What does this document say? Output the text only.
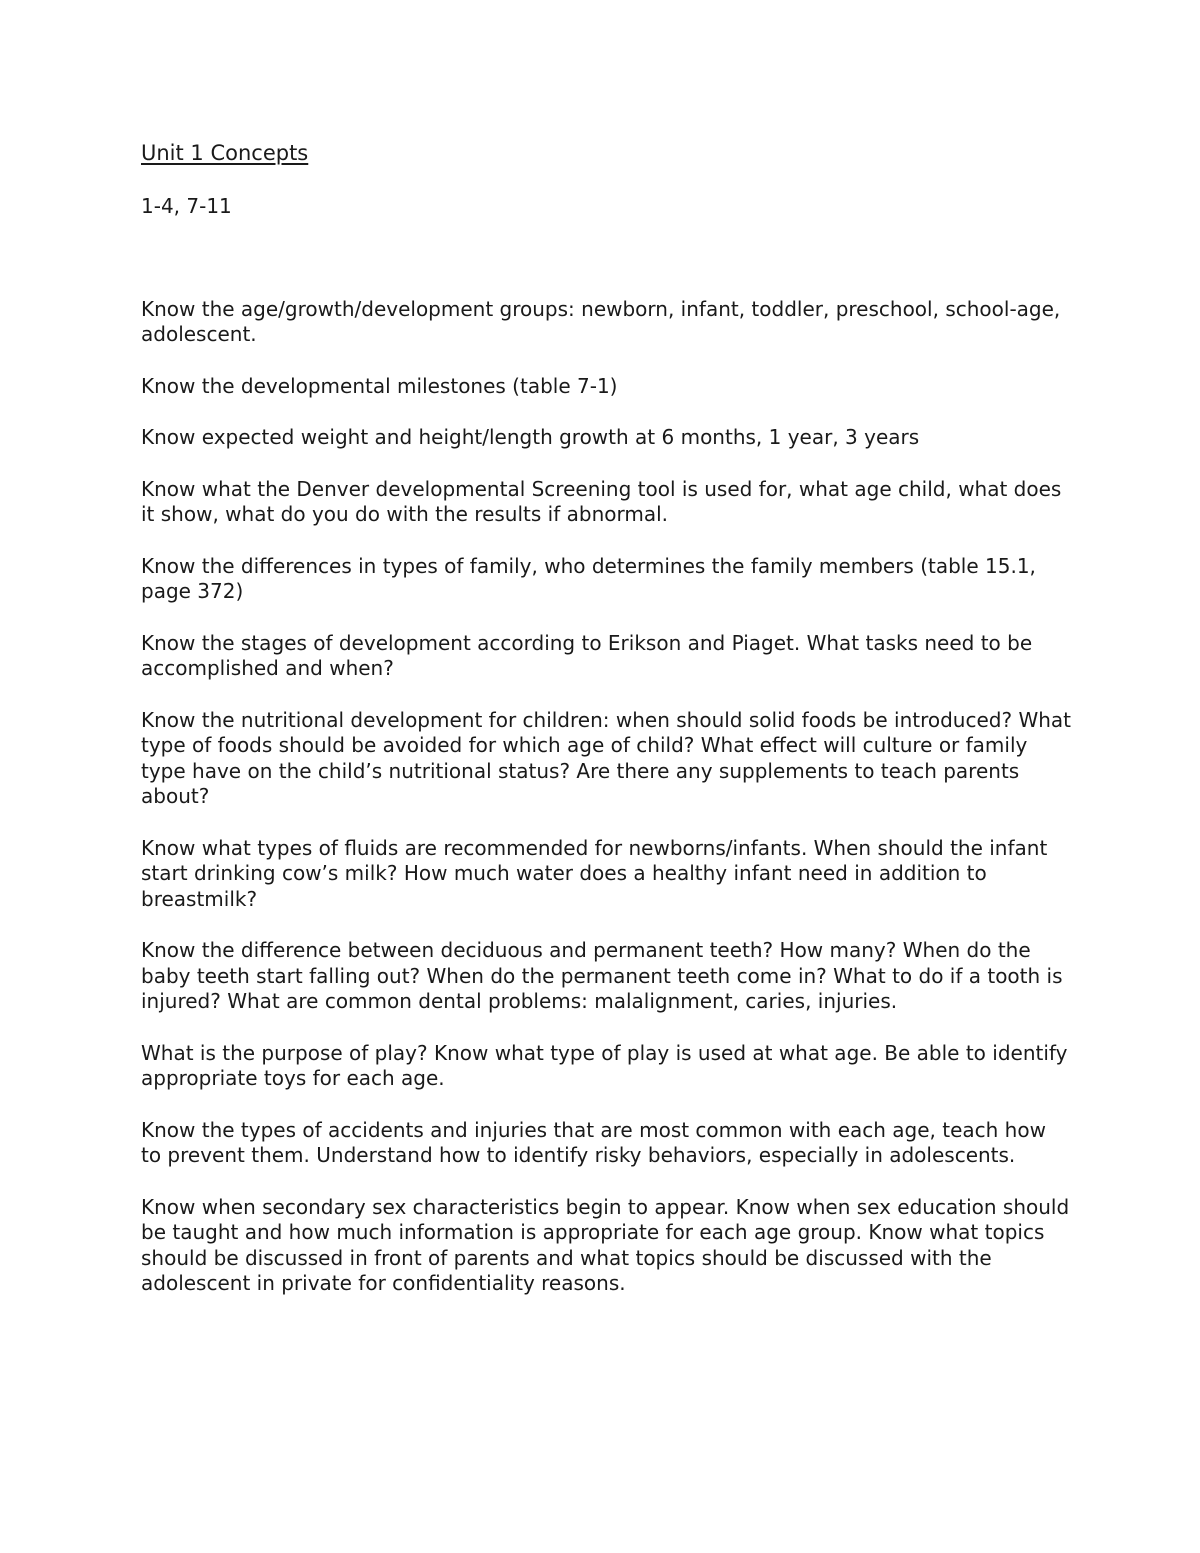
Unit 1 Concepts

1-4, 7-11

Know the age/growth/development groups: newborn, infant, toddler, preschool, school-age, adolescent.
Know the developmental milestones (table 7-1)
Know expected weight and height/length growth at 6 months, 1 year, 3 years
Know what the Denver developmental Screening tool is used for, what age child, what does it show, what do you do with the results if abnormal.
Know the differences in types of family, who determines the family members (table 15.1, page 372)
Know the stages of development according to Erikson and Piaget. What tasks need to be accomplished and when?
Know the nutritional development for children: when should solid foods be introduced? What type of foods should be avoided for which age of child? What effect will culture or family type have on the child’s nutritional status? Are there any supplements to teach parents about?
Know what types of fluids are recommended for newborns/infants. When should the infant start drinking cow’s milk? How much water does a healthy infant need in addition to breastmilk?
Know the difference between deciduous and permanent teeth? How many? When do the baby teeth start falling out? When do the permanent teeth come in? What to do if a tooth is injured? What are common dental problems: malalignment, caries, injuries.
What is the purpose of play? Know what type of play is used at what age. Be able to identify appropriate toys for each age.
Know the types of accidents and injuries that are most common with each age, teach how to prevent them. Understand how to identify risky behaviors, especially in adolescents.
Know when secondary sex characteristics begin to appear. Know when sex education should be taught and how much information is appropriate for each age group. Know what topics should be discussed in front of parents and what topics should be discussed with the adolescent in private for confidentiality reasons.
